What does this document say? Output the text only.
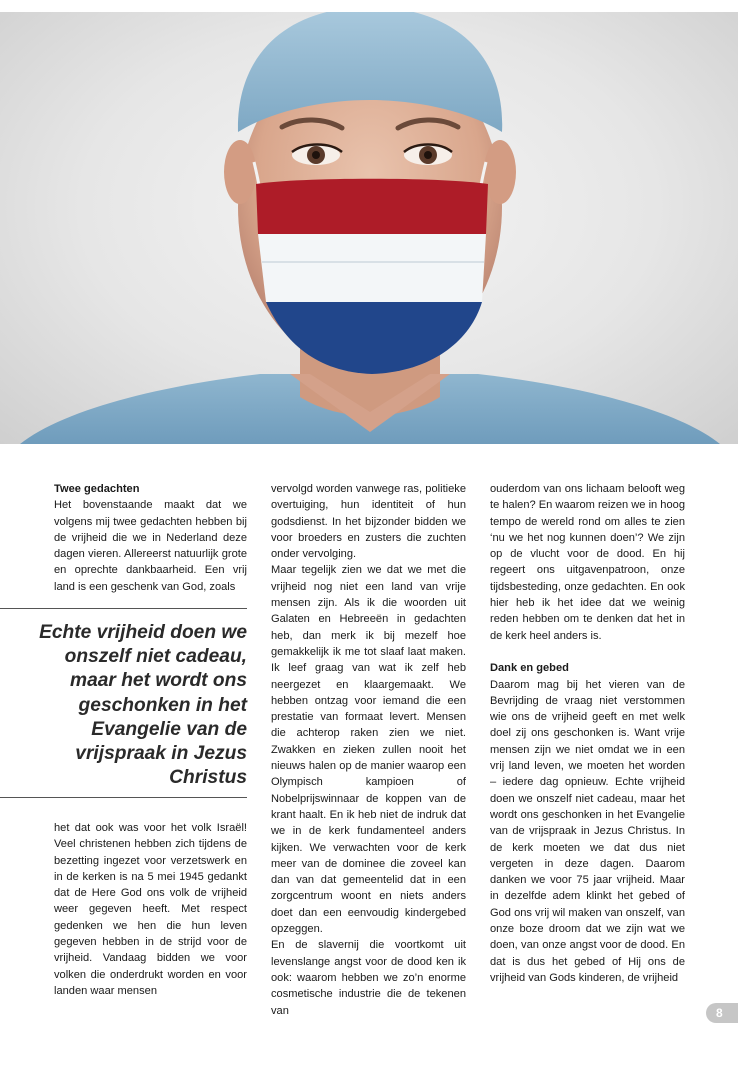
Twee gedachten

Het bovenstaande maakt dat we volgens mij twee gedachten hebben bij de vrijheid die we in Nederland deze dagen vieren. Allereerst natuurlijk grote en oprechte dankbaarheid. Een vrij land is een geschenk van God, zoals

Echte vrijheid doen we onszelf niet cadeau, maar het wordt ons geschonken in het Evangelie van de vrijspraak in Jezus Christus

het dat ook was voor het volk Israël! Veel christenen hebben zich tijdens de bezetting ingezet voor verzetswerk en in de kerken is na 5 mei 1945 gedankt dat de Here God ons volk de vrijheid weer gegeven heeft. Met respect gedenken we hen die hun leven gegeven hebben in de strijd voor de vrijheid. Vandaag bidden we voor volken die onderdrukt worden en voor landen waar mensen

vervolgd worden vanwege ras, politieke overtuiging, hun identiteit of hun godsdienst. In het bijzonder bidden we voor broeders en zusters die zuchten onder vervolging.

Maar tegelijk zien we dat we met die vrijheid nog niet een land van vrije mensen zijn. Als ik die woorden uit Galaten en Hebreeën in gedachten heb, dan merk ik bij mezelf hoe gemakkelijk ik me tot slaaf laat maken. Ik leef graag van wat ik zelf heb neergezet en klaargemaakt. We hebben ontzag voor iemand die een prestatie van formaat levert. Mensen die achterop raken zien we niet. Zwakken en zieken zullen nooit het nieuws halen op de manier waarop een Olympisch kampioen of Nobelprijswinnaar de koppen van de krant haalt. En ik heb niet de indruk dat we in de kerk fundamenteel anders kijken. We verwachten voor de kerk meer van de dominee die zoveel kan dan van dat gemeentelid dat in een zorgcentrum woont en niets anders doet dan een eenvoudig kindergebed opzeggen.

En de slavernij die voortkomt uit levenslange angst voor de dood ken ik ook: waarom hebben we zo’n enorme cosmetische industrie die de tekenen van

ouderdom van ons lichaam belooft weg te halen? En waarom reizen we in hoog tempo de wereld rond om alles te zien ‘nu we het nog kunnen doen’? We zijn op de vlucht voor de dood. En hij regeert ons uitgavenpatroon, onze tijdsbesteding, onze gedachten. En ook hier heb ik het idee dat we weinig reden hebben om te denken dat het in de kerk heel anders is.

Dank en gebed

Daarom mag bij het vieren van de Bevrijding de vraag niet verstommen wie ons de vrijheid geeft en met welk doel zij ons geschonken is. Want vrije mensen zijn we niet omdat we in een vrij land leven, we moeten het worden – iedere dag opnieuw. Echte vrijheid doen we onszelf niet cadeau, maar het wordt ons geschonken in het Evangelie van de vrijspraak in Jezus Christus. In de kerk moeten we dat dus niet vergeten in deze dagen. Daarom danken we voor 75 jaar vrijheid. Maar in dezelfde adem klinkt het gebed of God ons vrij wil maken van onszelf, van onze boze droom dat we zijn wat we doen, van onze angst voor de dood. En dat is dus het gebed of Hij ons de vrijheid van Gods kinderen, de vrijheid

8
